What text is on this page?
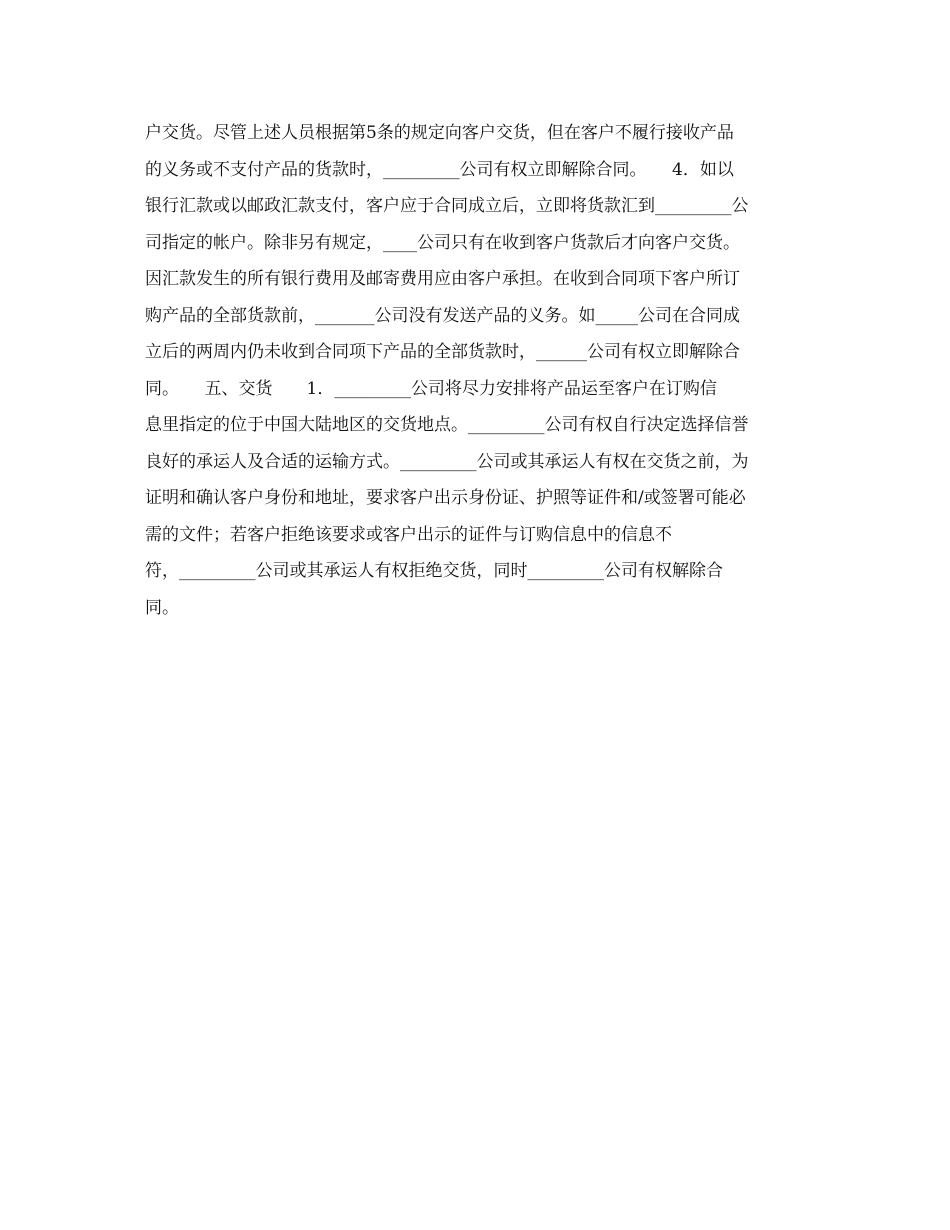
户交货。尽管上述人员根据第5条的规定向客户交货，但在客户不履行接收产品
的义务或不支付产品的货款时，_________公司有权立即解除合同。　　4．如以
银行汇款或以邮政汇款支付，客户应于合同成立后，立即将货款汇到_________公
司指定的帐户。除非另有规定，____公司只有在收到客户货款后才向客户交货。
因汇款发生的所有银行费用及邮寄费用应由客户承担。在收到合同项下客户所订
购产品的全部货款前，_______公司没有发送产品的义务。如_____公司在合同成
立后的两周内仍未收到合同项下产品的全部货款时，______公司有权立即解除合
同。　　五、交货　　1．_________公司将尽力安排将产品运至客户在订购信
息里指定的位于中国大陆地区的交货地点。_________公司有权自行决定选择信誉
良好的承运人及合适的运输方式。_________公司或其承运人有权在交货之前，为
证明和确认客户身份和地址，要求客户出示身份证、护照等证件和/或签署可能必
需的文件；若客户拒绝该要求或客户出示的证件与订购信息中的信息不
符，_________公司或其承运人有权拒绝交货，同时_________公司有权解除合
同。
